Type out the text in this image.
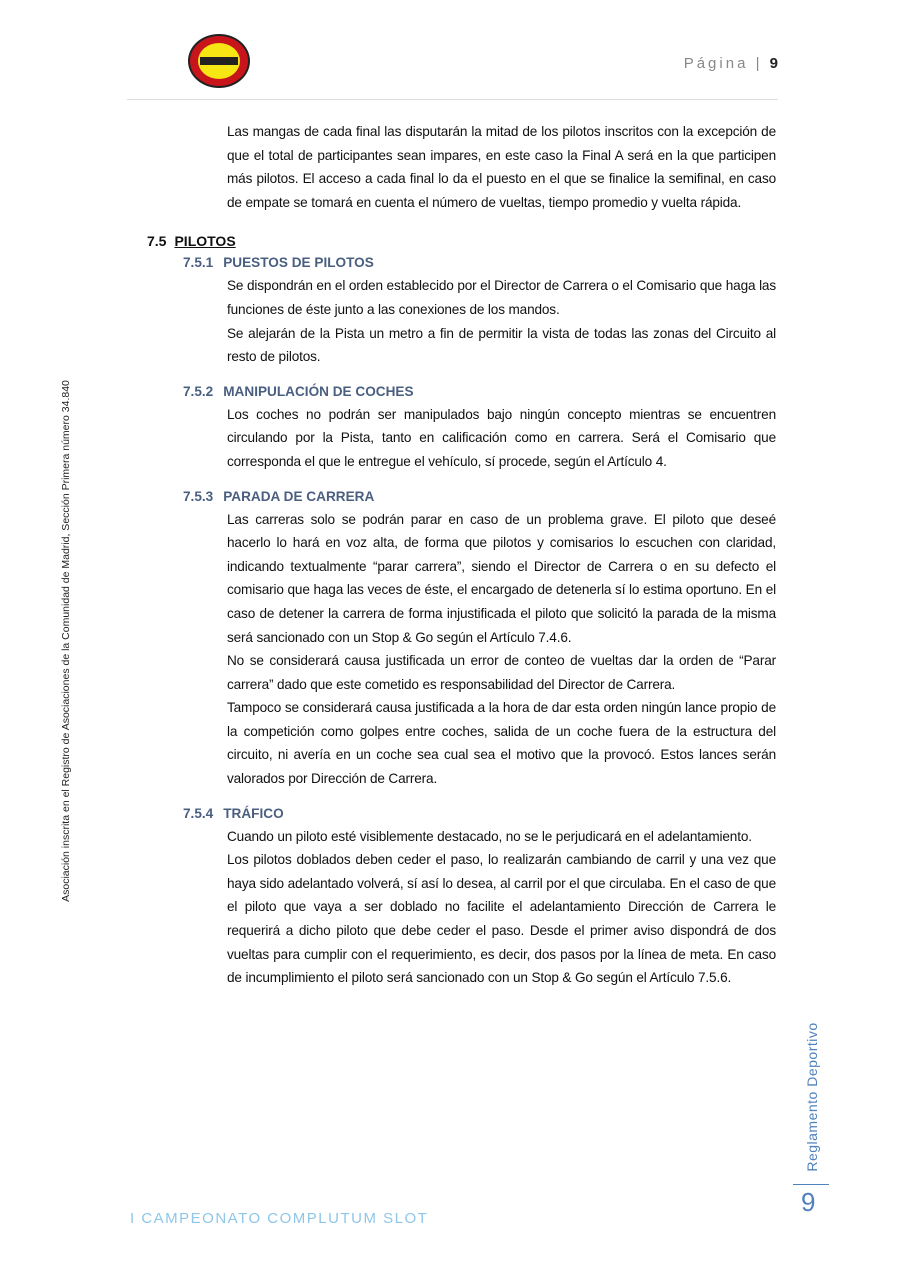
Página | 9
Asociación inscrita en el Registro de Asociaciones de la Comunidad de Madrid, Sección Primera número 34.840

Las mangas de cada final las disputarán la mitad de los pilotos inscritos con la excepción de que el total de participantes sean impares, en este caso la Final A será en la que participen más pilotos. El acceso a cada final lo da el puesto en el que se finalice la semifinal, en caso de empate se tomará en cuenta el número de vueltas, tiempo promedio y vuelta rápida.

7.5 PILOTOS
7.5.1 PUESTOS DE PILOTOS

Se dispondrán en el orden establecido por el Director de Carrera o el Comisario que haga las funciones de éste junto a las conexiones de los mandos.

Se alejarán de la Pista un metro a fin de permitir la vista de todas las zonas del Circuito al resto de pilotos.

7.5.2 MANIPULACIÓN DE COCHES

Los coches no podrán ser manipulados bajo ningún concepto mientras se encuentren circulando por la Pista, tanto en calificación como en carrera. Será el Comisario que corresponda el que le entregue el vehículo, sí procede, según el Artículo 4.

7.5.3 PARADA DE CARRERA

Las carreras solo se podrán parar en caso de un problema grave. El piloto que deseé hacerlo lo hará en voz alta, de forma que pilotos y comisarios lo escuchen con claridad, indicando textualmente “parar carrera”, siendo el Director de Carrera o en su defecto el comisario que haga las veces de éste, el encargado de detenerla sí lo estima oportuno. En el caso de detener la carrera de forma injustificada el piloto que solicitó la parada de la misma será sancionado con un Stop & Go según el Artículo 7.4.6.

No se considerará causa justificada un error de conteo de vueltas dar la orden de “Parar carrera” dado que este cometido es responsabilidad del Director de Carrera.

Tampoco se considerará causa justificada a la hora de dar esta orden ningún lance propio de la competición como golpes entre coches, salida de un coche fuera de la estructura del circuito, ni avería en un coche sea cual sea el motivo que la provocó. Estos lances serán valorados por Dirección de Carrera.

7.5.4 TRÁFICO

Cuando un piloto esté visiblemente destacado, no se le perjudicará en el adelantamiento.

Los pilotos doblados deben ceder el paso, lo realizarán cambiando de carril y una vez que haya sido adelantado volverá, sí así lo desea, al carril por el que circulaba. En el caso de que el piloto que vaya a ser doblado no facilite el adelantamiento Dirección de Carrera le requerirá a dicho piloto que debe ceder el paso. Desde el primer aviso dispondrá de dos vueltas para cumplir con el requerimiento, es decir, dos pasos por la línea de meta. En caso de incumplimiento el piloto será sancionado con un Stop & Go según el Artículo 7.5.6.

Reglamento Deportivo
9
I CAMPEONATO COMPLUTUM SLOT
